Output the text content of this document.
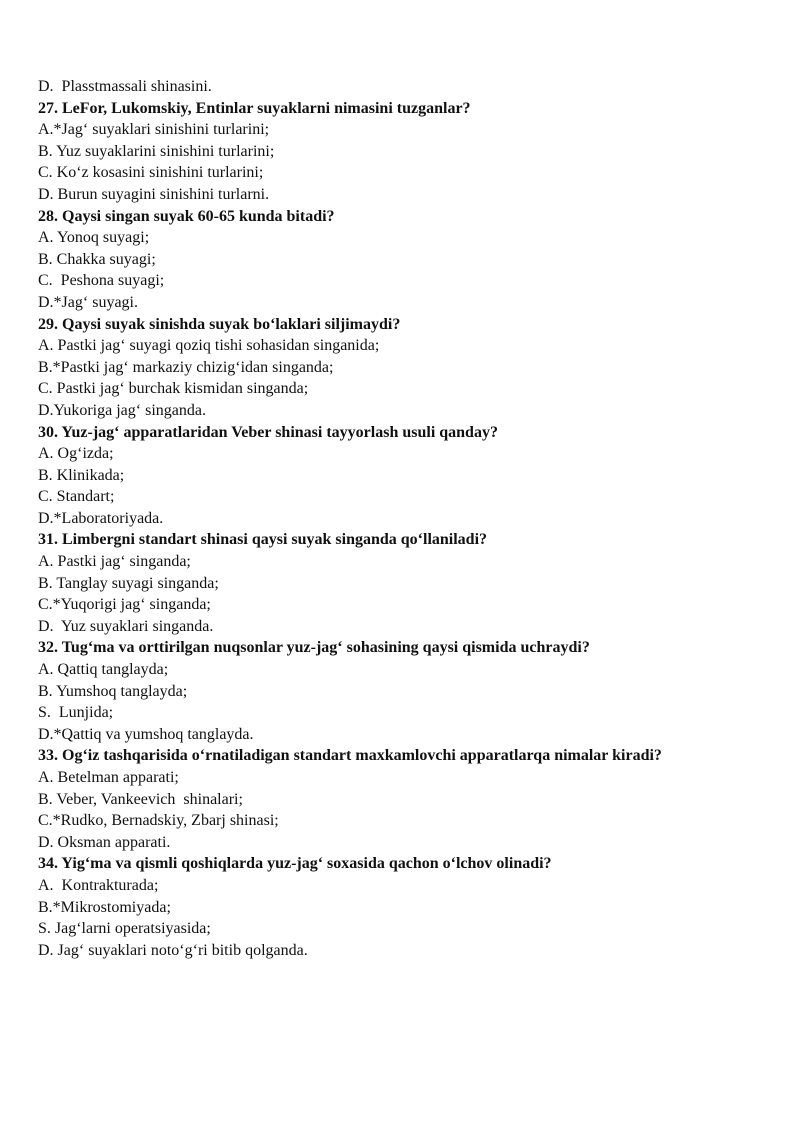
D.  Plasstmassali shinasini.
27. LeFor, Lukomskiy, Entinlar suyaklarni nimasini tuzganlar?
A.*Jag‘ suyaklari sinishini turlarini;
B. Yuz suyaklarini sinishini turlarini;
C. Ko‘z kosasini sinishini turlarini;
D. Burun suyagini sinishini turlarni.
28. Qaysi singan suyak 60-65 kunda bitadi?
A. Yonoq suyagi;
B. Chakka suyagi;
C.  Peshona suyagi;
D.*Jag‘ suyagi.
29. Qaysi suyak sinishda suyak bo‘laklari siljimaydi?
A. Pastki jag‘ suyagi qoziq tishi sohasidan singanida;
B.*Pastki jag‘ markaziy chizig‘idan singanda;
C. Pastki jag‘ burchak kismidan singanda;
D.Yukoriga jag‘ singanda.
30. Yuz-jag‘ apparatlaridan Veber shinasi tayyorlash usuli qanday?
A. Og‘izda;
B. Klinikada;
C. Standart;
D.*Laboratoriyada.
31. Limbergni standart shinasi qaysi suyak singanda qo‘llaniladi?
A. Pastki jag‘ singanda;
B. Tanglay suyagi singanda;
C.*Yuqorigi jag‘ singanda;
D.  Yuz suyaklari singanda.
32. Tug‘ma va orttirilgan nuqsonlar yuz-jag‘ sohasining qaysi qismida uchraydi?
A. Qattiq tanglayda;
B. Yumshoq tanglayda;
S.  Lunjida;
D.*Qattiq va yumshoq tanglayda.
33. Og‘iz tashqarisida o‘rnatiladigan standart maxkamlovchi apparatlarqa nimalar kiradi?
A. Betelman apparati;
B. Veber, Vankeevich  shinalari;
C.*Rudko, Bernadskiy, Zbarj shinasi;
D. Oksman apparati.
34. Yig‘ma va qismli qoshiqlarda yuz-jag‘ soxasida qachon o‘lchov olinadi?
A.  Kontrakturada;
B.*Mikrostomiyada;
S. Jag‘larni operatsiyasida;
D. Jag‘ suyaklari noto‘g‘ri bitib qolganda.
